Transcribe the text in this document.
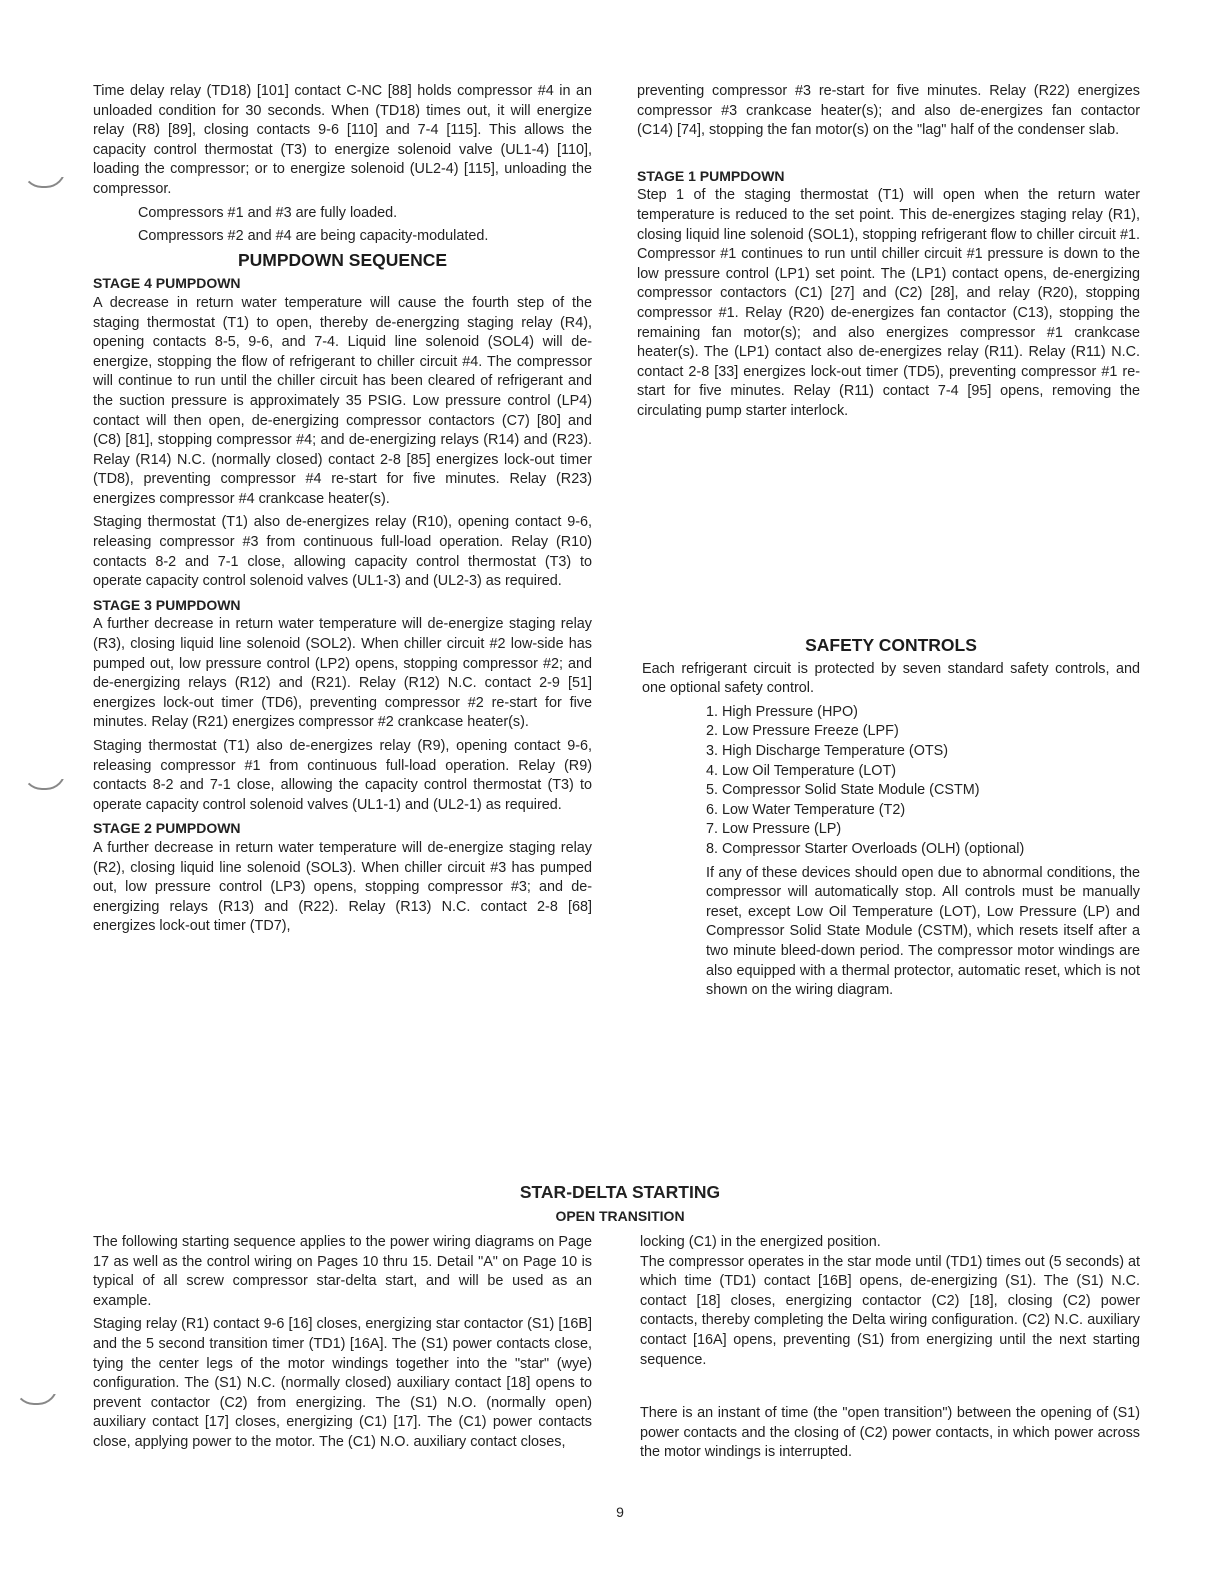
Time delay relay (TD18) [101] contact C-NC [88] holds compressor #4 in an unloaded condition for 30 seconds. When (TD18) times out, it will energize relay (R8) [89], closing contacts 9-6 [110] and 7-4 [115]. This allows the capacity control thermostat (T3) to energize solenoid valve (UL1-4) [110], loading the compressor; or to energize solenoid (UL2-4) [115], unloading the compressor.

Compressors #1 and #3 are fully loaded.

Compressors #2 and #4 are being capacity-modulated.

PUMPDOWN SEQUENCE
STAGE 4 PUMPDOWN

A decrease in return water temperature will cause the fourth step of the staging thermostat (T1) to open, thereby de-energzing staging relay (R4), opening contacts 8-5, 9-6, and 7-4. Liquid line solenoid (SOL4) will de-energize, stopping the flow of refrigerant to chiller circuit #4. The compressor will continue to run until the chiller circuit has been cleared of refrigerant and the suction pressure is approximately 35 PSIG. Low pressure control (LP4) contact will then open, de-energizing compressor contactors (C7) [80] and (C8) [81], stopping compressor #4; and de-energizing relays (R14) and (R23). Relay (R14) N.C. (normally closed) contact 2-8 [85] energizes lock-out timer (TD8), preventing compressor #4 re-start for five minutes. Relay (R23) energizes compressor #4 crankcase heater(s).

Staging thermostat (T1) also de-energizes relay (R10), opening contact 9-6, releasing compressor #3 from continuous full-load operation. Relay (R10) contacts 8-2 and 7-1 close, allowing capacity control thermostat (T3) to operate capacity control solenoid valves (UL1-3) and (UL2-3) as required.

STAGE 3 PUMPDOWN

A further decrease in return water temperature will de-energize staging relay (R3), closing liquid line solenoid (SOL2). When chiller circuit #2 low-side has pumped out, low pressure control (LP2) opens, stopping compressor #2; and de-energizing relays (R12) and (R21). Relay (R12) N.C. contact 2-9 [51] energizes lock-out timer (TD6), preventing compressor #2 re-start for five minutes. Relay (R21) energizes compressor #2 crankcase heater(s).

Staging thermostat (T1) also de-energizes relay (R9), opening contact 9-6, releasing compressor #1 from continuous full-load operation. Relay (R9) contacts 8-2 and 7-1 close, allowing the capacity control thermostat (T3) to operate capacity control solenoid valves (UL1-1) and (UL2-1) as required.

STAGE 2 PUMPDOWN

A further decrease in return water temperature will de-energize staging relay (R2), closing liquid line solenoid (SOL3). When chiller circuit #3 has pumped out, low pressure control (LP3) opens, stopping compressor #3; and de-energizing relays (R13) and (R22). Relay (R13) N.C. contact 2-8 [68] energizes lock-out timer (TD7),

preventing compressor #3 re-start for five minutes. Relay (R22) energizes compressor #3 crankcase heater(s); and also de-energizes fan contactor (C14) [74], stopping the fan motor(s) on the "lag" half of the condenser slab.

STAGE 1 PUMPDOWN

Step 1 of the staging thermostat (T1) will open when the return water temperature is reduced to the set point. This de-energizes staging relay (R1), closing liquid line solenoid (SOL1), stopping refrigerant flow to chiller circuit #1. Compressor #1 continues to run until chiller circuit #1 pressure is down to the low pressure control (LP1) set point. The (LP1) contact opens, de-energizing compressor contactors (C1) [27] and (C2) [28], and relay (R20), stopping compressor #1. Relay (R20) de-energizes fan contactor (C13), stopping the remaining fan motor(s); and also energizes compressor #1 crankcase heater(s). The (LP1) contact also de-energizes relay (R11). Relay (R11) N.C. contact 2-8 [33] energizes lock-out timer (TD5), preventing compressor #1 re-start for five minutes. Relay (R11) contact 7-4 [95] opens, removing the circulating pump starter interlock.

SAFETY CONTROLS

Each refrigerant circuit is protected by seven standard safety controls, and one optional safety control.

1. High Pressure (HPO)
2. Low Pressure Freeze (LPF)
3. High Discharge Temperature (OTS)
4. Low Oil Temperature (LOT)
5. Compressor Solid State Module (CSTM)
6. Low Water Temperature (T2)
7. Low Pressure (LP)
8. Compressor Starter Overloads (OLH) (optional)

If any of these devices should open due to abnormal conditions, the compressor will automatically stop. All controls must be manually reset, except Low Oil Temperature (LOT), Low Pressure (LP) and Compressor Solid State Module (CSTM), which resets itself after a two minute bleed-down period. The compressor motor windings are also equipped with a thermal protector, automatic reset, which is not shown on the wiring diagram.

STAR-DELTA STARTING
OPEN TRANSITION

The following starting sequence applies to the power wiring diagrams on Page 17 as well as the control wiring on Pages 10 thru 15. Detail "A" on Page 10 is typical of all screw compressor star-delta start, and will be used as an example.

Staging relay (R1) contact 9-6 [16] closes, energizing star contactor (S1) [16B] and the 5 second transition timer (TD1) [16A]. The (S1) power contacts close, tying the center legs of the motor windings together into the "star" (wye) configuration. The (S1) N.C. (normally closed) auxiliary contact [18] opens to prevent contactor (C2) from energizing. The (S1) N.O. (normally open) auxiliary contact [17] closes, energizing (C1) [17]. The (C1) power contacts close, applying power to the motor. The (C1) N.O. auxiliary contact closes,

locking (C1) in the energized position.

The compressor operates in the star mode until (TD1) times out (5 seconds) at which time (TD1) contact [16B] opens, de-energizing (S1). The (S1) N.C. contact [18] closes, energizing contactor (C2) [18], closing (C2) power contacts, thereby completing the Delta wiring configuration. (C2) N.C. auxiliary contact [16A] opens, preventing (S1) from energizing until the next starting sequence.

There is an instant of time (the "open transition") between the opening of (S1) power contacts and the closing of (C2) power contacts, in which power across the motor windings is interrupted.

9
